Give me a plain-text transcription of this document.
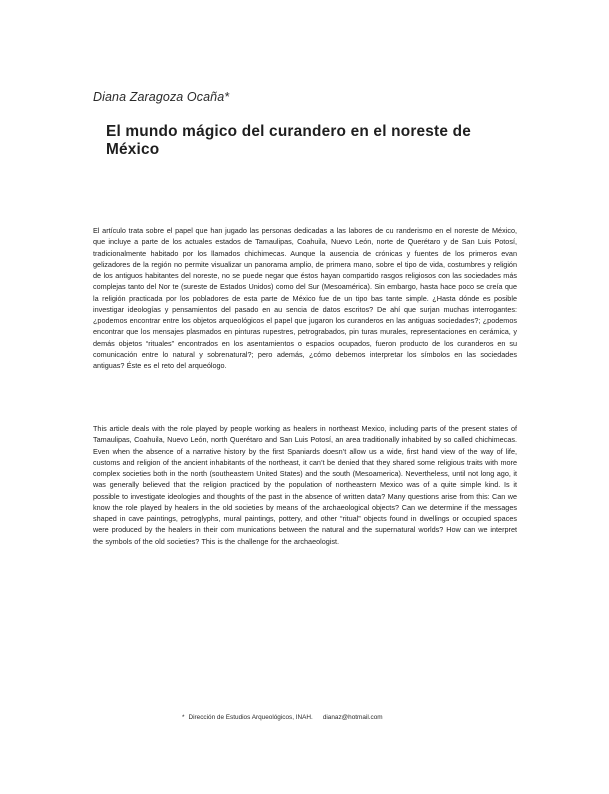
Diana Zaragoza Ocaña*

El mundo mágico del curandero en el noreste de México

El artículo trata sobre el papel que han jugado las personas dedicadas a las labores de cu randerismo en el noreste de México, que incluye a parte de los actuales estados de Tamaulipas, Coahuila, Nuevo León, norte de Querétaro y de San Luis Potosí, tradicionalmente habitado por los llamados chichimecas. Aunque la ausencia de crónicas y fuentes de los primeros evan gelizadores de la región no permite visualizar un panorama amplio, de primera mano, sobre el tipo de vida, costumbres y religión de los antiguos habitantes del noreste, no se puede negar que éstos hayan compartido rasgos religiosos con las sociedades más complejas tanto del Nor te (sureste de Estados Unidos) como del Sur (Mesoamérica). Sin embargo, hasta hace poco se creía que la religión practicada por los pobladores de esta parte de México fue de un tipo bas tante simple. ¿Hasta dónde es posible investigar ideologías y pensamientos del pasado en au sencia de datos escritos? De ahí que surjan muchas interrogantes: ¿podemos encontrar entre los objetos arqueológicos el papel que jugaron los curanderos en las antiguas sociedades?; ¿podemos encontrar que los mensajes plasmados en pinturas rupestres, petrograbados, pin turas murales, representaciones en cerámica, y demás objetos “rituales” encontrados en los asentamientos o espacios ocupados, fueron producto de los curanderos en su comunicación entre lo natural y sobrenatural?; pero además, ¿cómo debemos interpretar los símbolos en las sociedades antiguas? Éste es el reto del arqueólogo.

This article deals with the role played by people working as healers in northeast Mexico, including parts of the present states of Tamaulipas, Coahuila, Nuevo León, north Querétaro and San Luis Potosí, an area traditionally inhabited by so called chichimecas. Even when the absence of a narrative history by the first Spaniards doesn’t allow us a wide, first hand view of the way of life, customs and religion of the ancient inhabitants of the northeast, it can’t be denied that they shared some religious traits with more complex societies both in the north (southeastern United States) and the south (Mesoamerica). Nevertheless, until not long ago, it was generally believed that the religion practiced by the population of northeastern Mexico was of a quite simple kind. Is it possible to investigate ideologies and thoughts of the past in the absence of written data? Many questions arise from this: Can we know the role played by healers in the old societies by means of the archaeological objects? Can we determine if the messages shaped in cave paintings, petroglyphs, mural paintings, pottery, and other “ritual” objects found in dwellings or occupied spaces were produced by the healers in their com munications between the natural and the supernatural worlds? How can we interpret the symbols of the old societies? This is the challenge for the archaeologist.

* Dirección de Estudios Arqueológicos, INAH. dianaz@hotmail.com
